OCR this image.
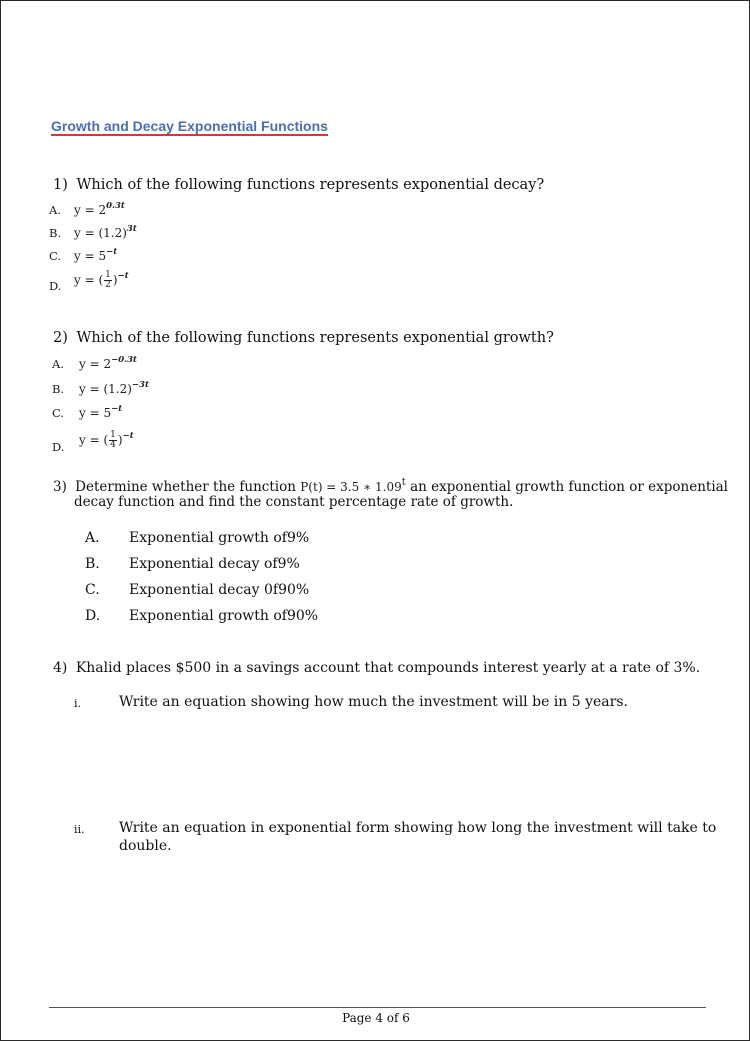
Growth and Decay Exponential Functions
1) Which of the following functions represents exponential decay?
A. $y = 2^{0.3t}$
B. $y = (1.2)^{3t}$
C. $y = 5^{-t}$
D. y = ( $\frac{1}{2} )^{-t}$
2) Which of the following functions represents exponential growth?
A. $y = 2^{-0.3t}$
B. $y = (1.2)^{-3t}$
C. $y = 5^{-t}$
D. y = ( $\frac{1}{4} )^{-t}$
3) Determine whether the function P(t) = 3.5 ∗ 1.09$^t$ an exponential growth function or exponential
decay function and find the constant percentage rate of growth.
A. Exponential growth of9%
B. Exponential decay of9%
C. Exponential decay 0f90%
D. Exponential growth of90%
4) Khalid places $500 in a savings account that compounds interest yearly at a rate of 3%.
i.	Write an equation showing how much the investment will be in 5 years.
ii. Write an equation in exponential form showing how long the investment will take to
double.
Page 4 of 6
